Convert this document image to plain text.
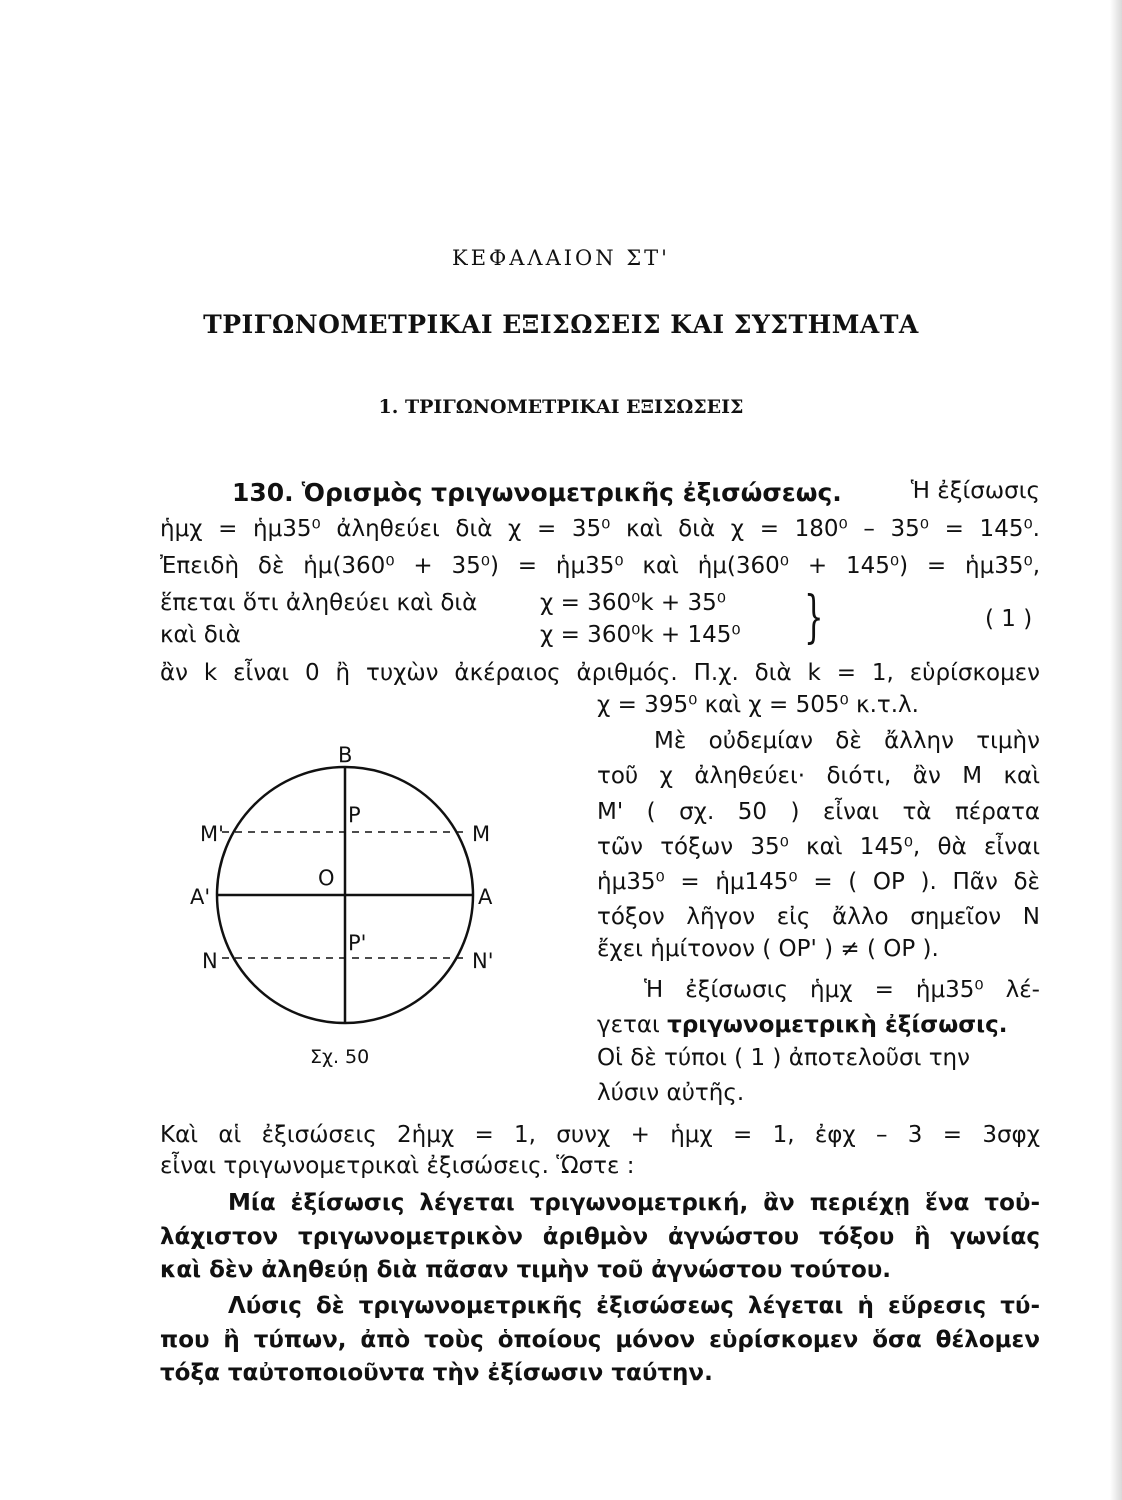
ΚΕΦΑΛΑΙΟΝ ΣΤ'
ΤΡΙΓΩΝΟΜΕΤΡΙΚΑΙ ΕΞΙΣΩΣΕΙΣ ΚΑΙ ΣΥΣΤΗΜΑΤΑ
1. ΤΡΙΓΩΝΟΜΕΤΡΙΚΑΙ ΕΞΙΣΩΣΕΙΣ
130. Ὁρισμὸς τριγωνομετρικῆς ἐξισώσεως.	Ἡ ἐξίσωσις
ἡμχ = ἡμ35⁰ ἀληθεύει διὰ χ = 35⁰ καὶ διὰ χ = 180⁰ – 35⁰ = 145⁰.
Ἐπειδὴ δὲ ἡμ(360⁰ + 35⁰) = ἡμ35⁰ καὶ ἡμ(360⁰ + 145⁰) = ἡμ35⁰,
ἕπεται ὅτι ἀληθεύει καὶ διὰ	χ = 360⁰k + 35⁰
καὶ διὰ	χ = 360⁰k + 145⁰ }	( 1 )
ἂν k εἶναι 0 ἢ τυχὼν ἀκέραιος ἀριθμός. Π.χ. διὰ k = 1, εὑρίσκομεν
χ = 395⁰ καὶ χ = 505⁰ κ.τ.λ.
Μὲ οὐδεμίαν δὲ ἄλλην τιμὴν
τοῦ χ ἀληθεύει· διότι, ἂν Μ καὶ
Μ' ( σχ. 50 ) εἶναι τὰ πέρατα
τῶν τόξων 35⁰ καὶ 145⁰, θὰ εἶναι
ἡμ35⁰ = ἡμ145⁰ = ( ΟΡ ). Πᾶν δὲ
τόξον λῆγον εἰς ἄλλο σημεῖον Ν
ἔχει ἡμίτονον ( ΟΡ' ) ≠ ( ΟΡ ).
Ἡ ἐξίσωσις ἡμχ = ἡμ35⁰ λέ-
γεται τριγωνομετρικὴ ἐξίσωσις.
Οἱ δὲ τύποι ( 1 ) ἀποτελοῦσι την
λύσιν αὐτῆς.
Β
Ρ
Μ'	Μ
Ο
Α'	Α
Ρ'
Ν	Ν'
Σχ. 50
Καὶ αἱ ἐξισώσεις 2ἡμχ = 1, συνχ + ἡμχ = 1, ἐφχ – 3 = 3σφχ
εἶναι τριγωνομετρικαὶ ἐξισώσεις. Ὥστε :
Μία ἐξίσωσις λέγεται τριγωνομετρική, ἂν περιέχῃ ἕνα τοὐ-
λάχιστον τριγωνομετρικὸν ἀριθμὸν ἀγνώστου τόξου ἢ γωνίας
καὶ δὲν ἀληθεύῃ διὰ πᾶσαν τιμὴν τοῦ ἀγνώστου τούτου.
Λύσις δὲ τριγωνομετρικῆς ἐξισώσεως λέγεται ἡ εὕρεσις τύ-
που ἢ τύπων, ἀπὸ τοὺς ὁποίους μόνον εὑρίσκομεν ὅσα θέλομεν
τόξα ταὐτοποιοῦντα τὴν ἐξίσωσιν ταύτην.
